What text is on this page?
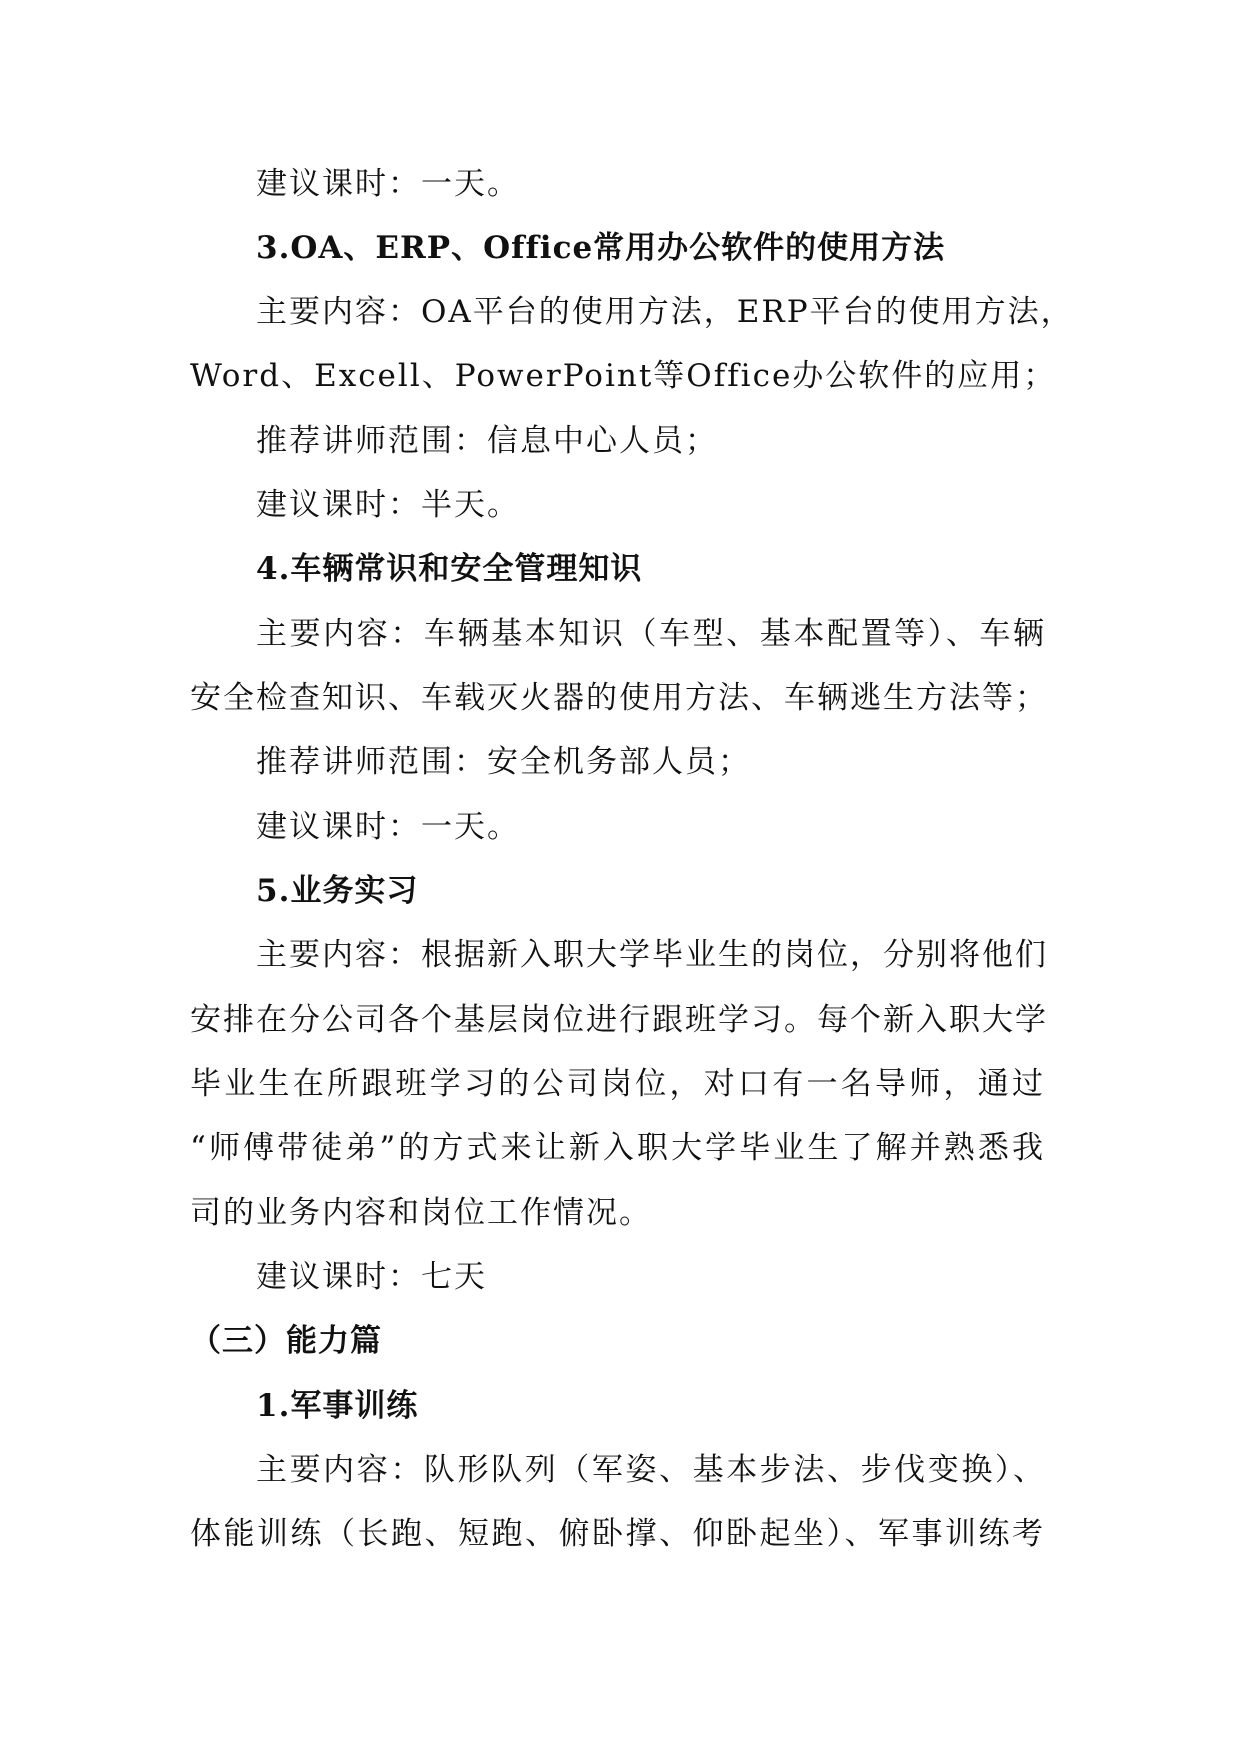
建议课时：一天。
3.OA、ERP、Office常用办公软件的使用方法
主要内容：OA平台的使用方法，ERP平台的使用方法，
Word、Excell、PowerPoint等Office办公软件的应用；
推荐讲师范围：信息中心人员；
建议课时：半天。
4.车辆常识和安全管理知识
主要内容：车辆基本知识（车型、基本配置等）、车辆
安全检查知识、车载灭火器的使用方法、车辆逃生方法等；
推荐讲师范围：安全机务部人员；
建议课时：一天。
5.业务实习
主要内容：根据新入职大学毕业生的岗位，分别将他们
安排在分公司各个基层岗位进行跟班学习。每个新入职大学
毕业生在所跟班学习的公司岗位，对口有一名导师，通过
“师傅带徒弟”的方式来让新入职大学毕业生了解并熟悉我
司的业务内容和岗位工作情况。
建议课时：七天
（三）能力篇
1.军事训练
主要内容：队形队列（军姿、基本步法、步伐变换）、
体能训练（长跑、短跑、俯卧撑、仰卧起坐）、军事训练考
